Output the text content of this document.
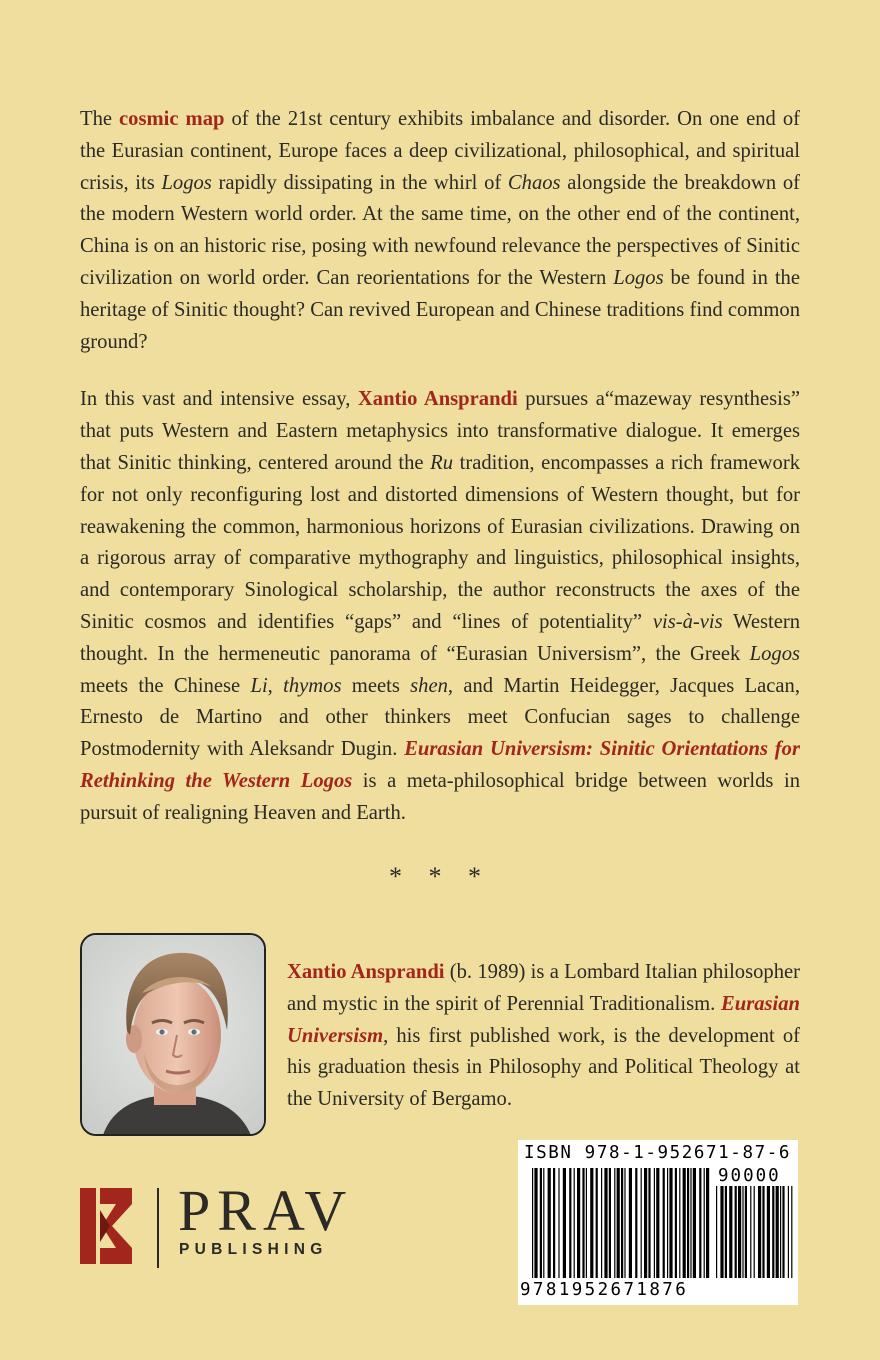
The cosmic map of the 21st century exhibits imbalance and disorder. On one end of the Eurasian continent, Europe faces a deep civilizational, philosophical, and spiritual crisis, its Logos rapidly dissipating in the whirl of Chaos alongside the breakdown of the modern Western world order. At the same time, on the other end of the continent, China is on an historic rise, posing with newfound relevance the perspectives of Sinitic civilization on world order. Can reorientations for the Western Logos be found in the heritage of Sinitic thought? Can revived European and Chinese traditions find common ground?

In this vast and intensive essay, Xantio Ansprandi pursues a“mazeway resynthesis” that puts Western and Eastern metaphysics into transformative dialogue. It emerges that Sinitic thinking, centered around the Ru tradition, encompasses a rich framework for not only reconfiguring lost and distorted dimensions of Western thought, but for reawakening the common, harmonious horizons of Eurasian civilizations. Drawing on a rigorous array of comparative mythography and linguistics, philosophical insights, and contemporary Sinological scholarship, the author reconstructs the axes of the Sinitic cosmos and identifies “gaps” and “lines of potentiality” vis-à-vis Western thought. In the hermeneutic panorama of “Eurasian Universism”, the Greek Logos meets the Chinese Li, thymos meets shen, and Martin Heidegger, Jacques Lacan, Ernesto de Martino and other thinkers meet Confucian sages to challenge Postmodernity with Aleksandr Dugin. Eurasian Universism: Sinitic Orientations for Rethinking the Western Logos is a meta-philosophical bridge between worlds in pursuit of realigning Heaven and Earth.

* * *

Xantio Ansprandi (b. 1989) is a Lombard Italian philosopher and mystic in the spirit of Perennial Traditionalism. Eurasian Universism, his first published work, is the development of his graduation thesis in Philosophy and Political Theology at the University of Bergamo.

PRAV
PUBLISHING
ISBN 978-1-952671-87-6
90000
9781952671876
